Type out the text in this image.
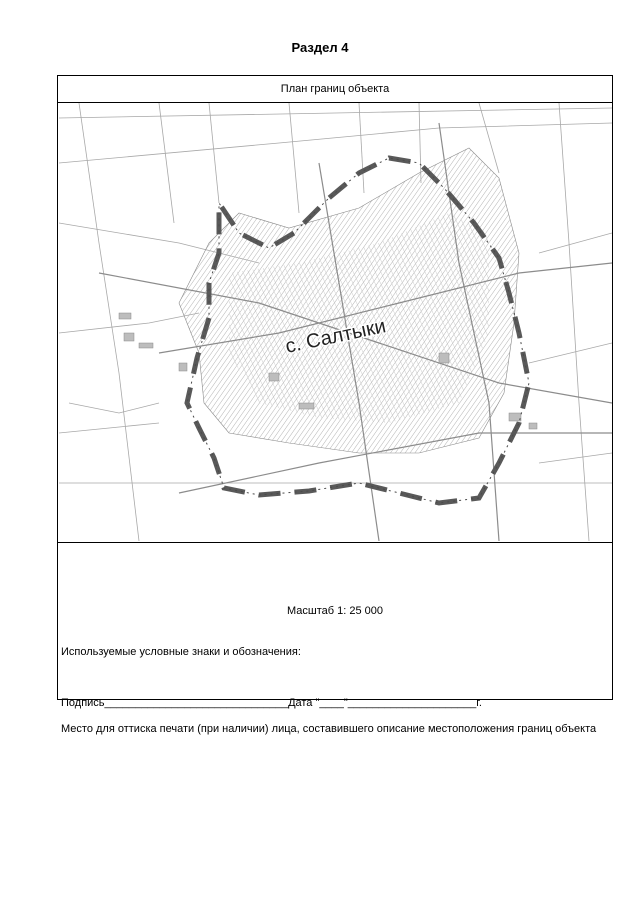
Раздел 4
План границ объекта
с. Салтыки
Масштаб 1: 25 000
Используемые условные знаки и обозначения:
Подпись______________________________Дата "____"_____________________г.
Место для оттиска печати (при наличии) лица, составившего описание местоположения границ объекта
